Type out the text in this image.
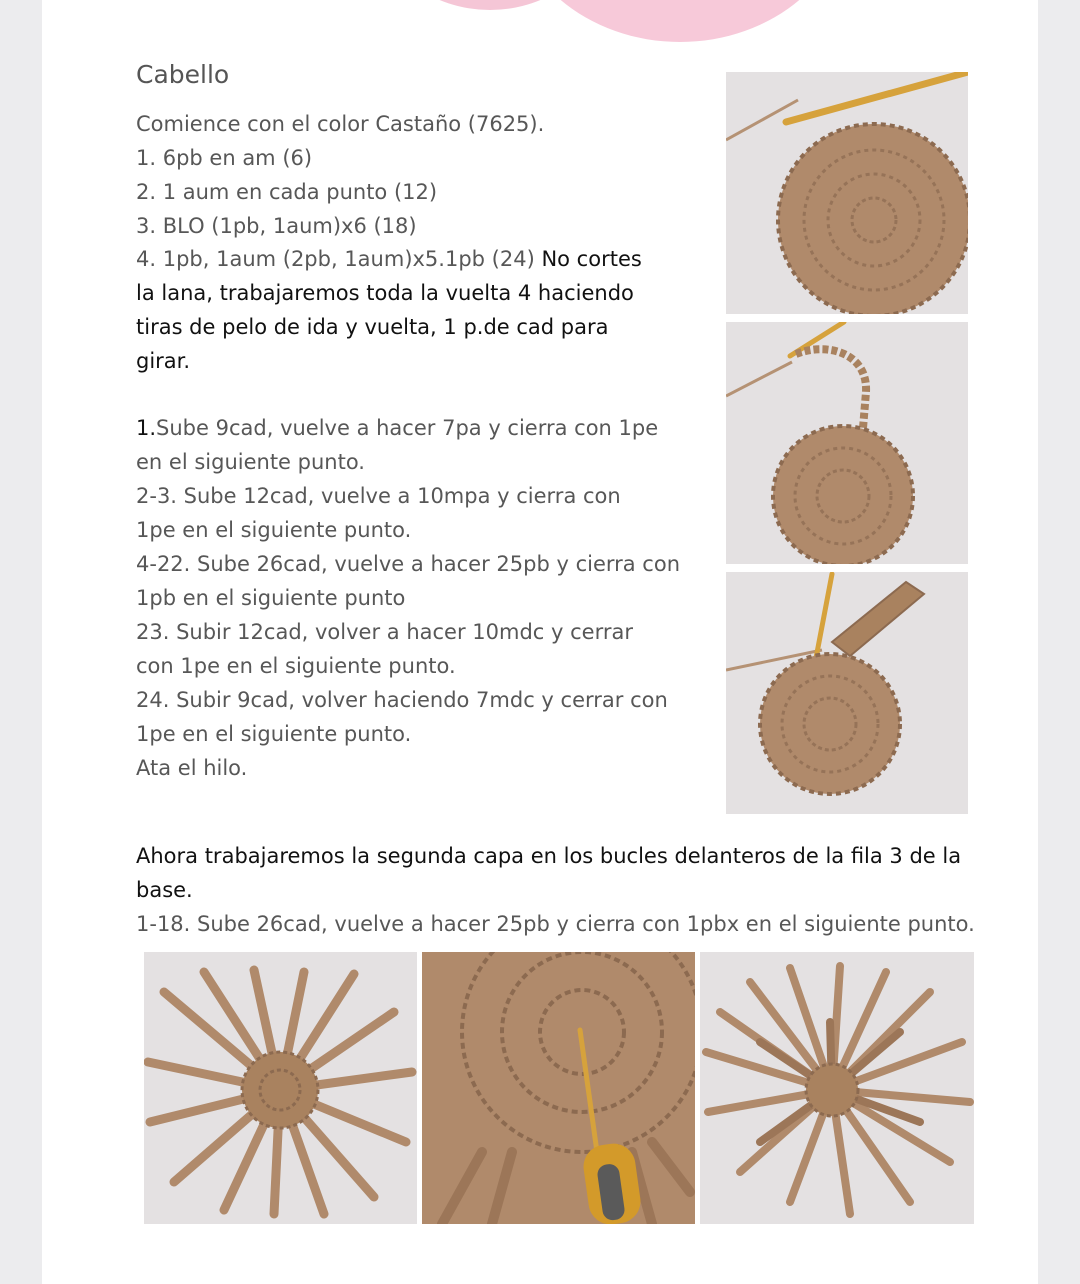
Cabello
Comience con el color Castaño (7625).
1. 6pb en am (6)
2. 1 aum en cada punto (12)
3. BLO (1pb, 1aum)x6 (18)
4. 1pb, 1aum (2pb, 1aum)x5.1pb (24) No cortes
la lana, trabajaremos toda la vuelta 4 haciendo
tiras de pelo de ida y vuelta, 1 p.de cad para
girar.
1.Sube 9cad, vuelve a hacer 7pa y cierra con 1pe
en el siguiente punto.
2-3. Sube 12cad, vuelve a 10mpa y cierra con
1pe en el siguiente punto.
4-22. Sube 26cad, vuelve a hacer 25pb y cierra con
1pb en el siguiente punto
23. Subir 12cad, volver a hacer 10mdc y cerrar
con 1pe en el siguiente punto.
24. Subir 9cad, volver haciendo 7mdc y cerrar con
1pe en el siguiente punto.
Ata el hilo.
Ahora trabajaremos la segunda capa en los bucles delanteros de la fila 3 de la
base.
1-18. Sube 26cad, vuelve a hacer 25pb y cierra con 1pbx en el siguiente punto.
